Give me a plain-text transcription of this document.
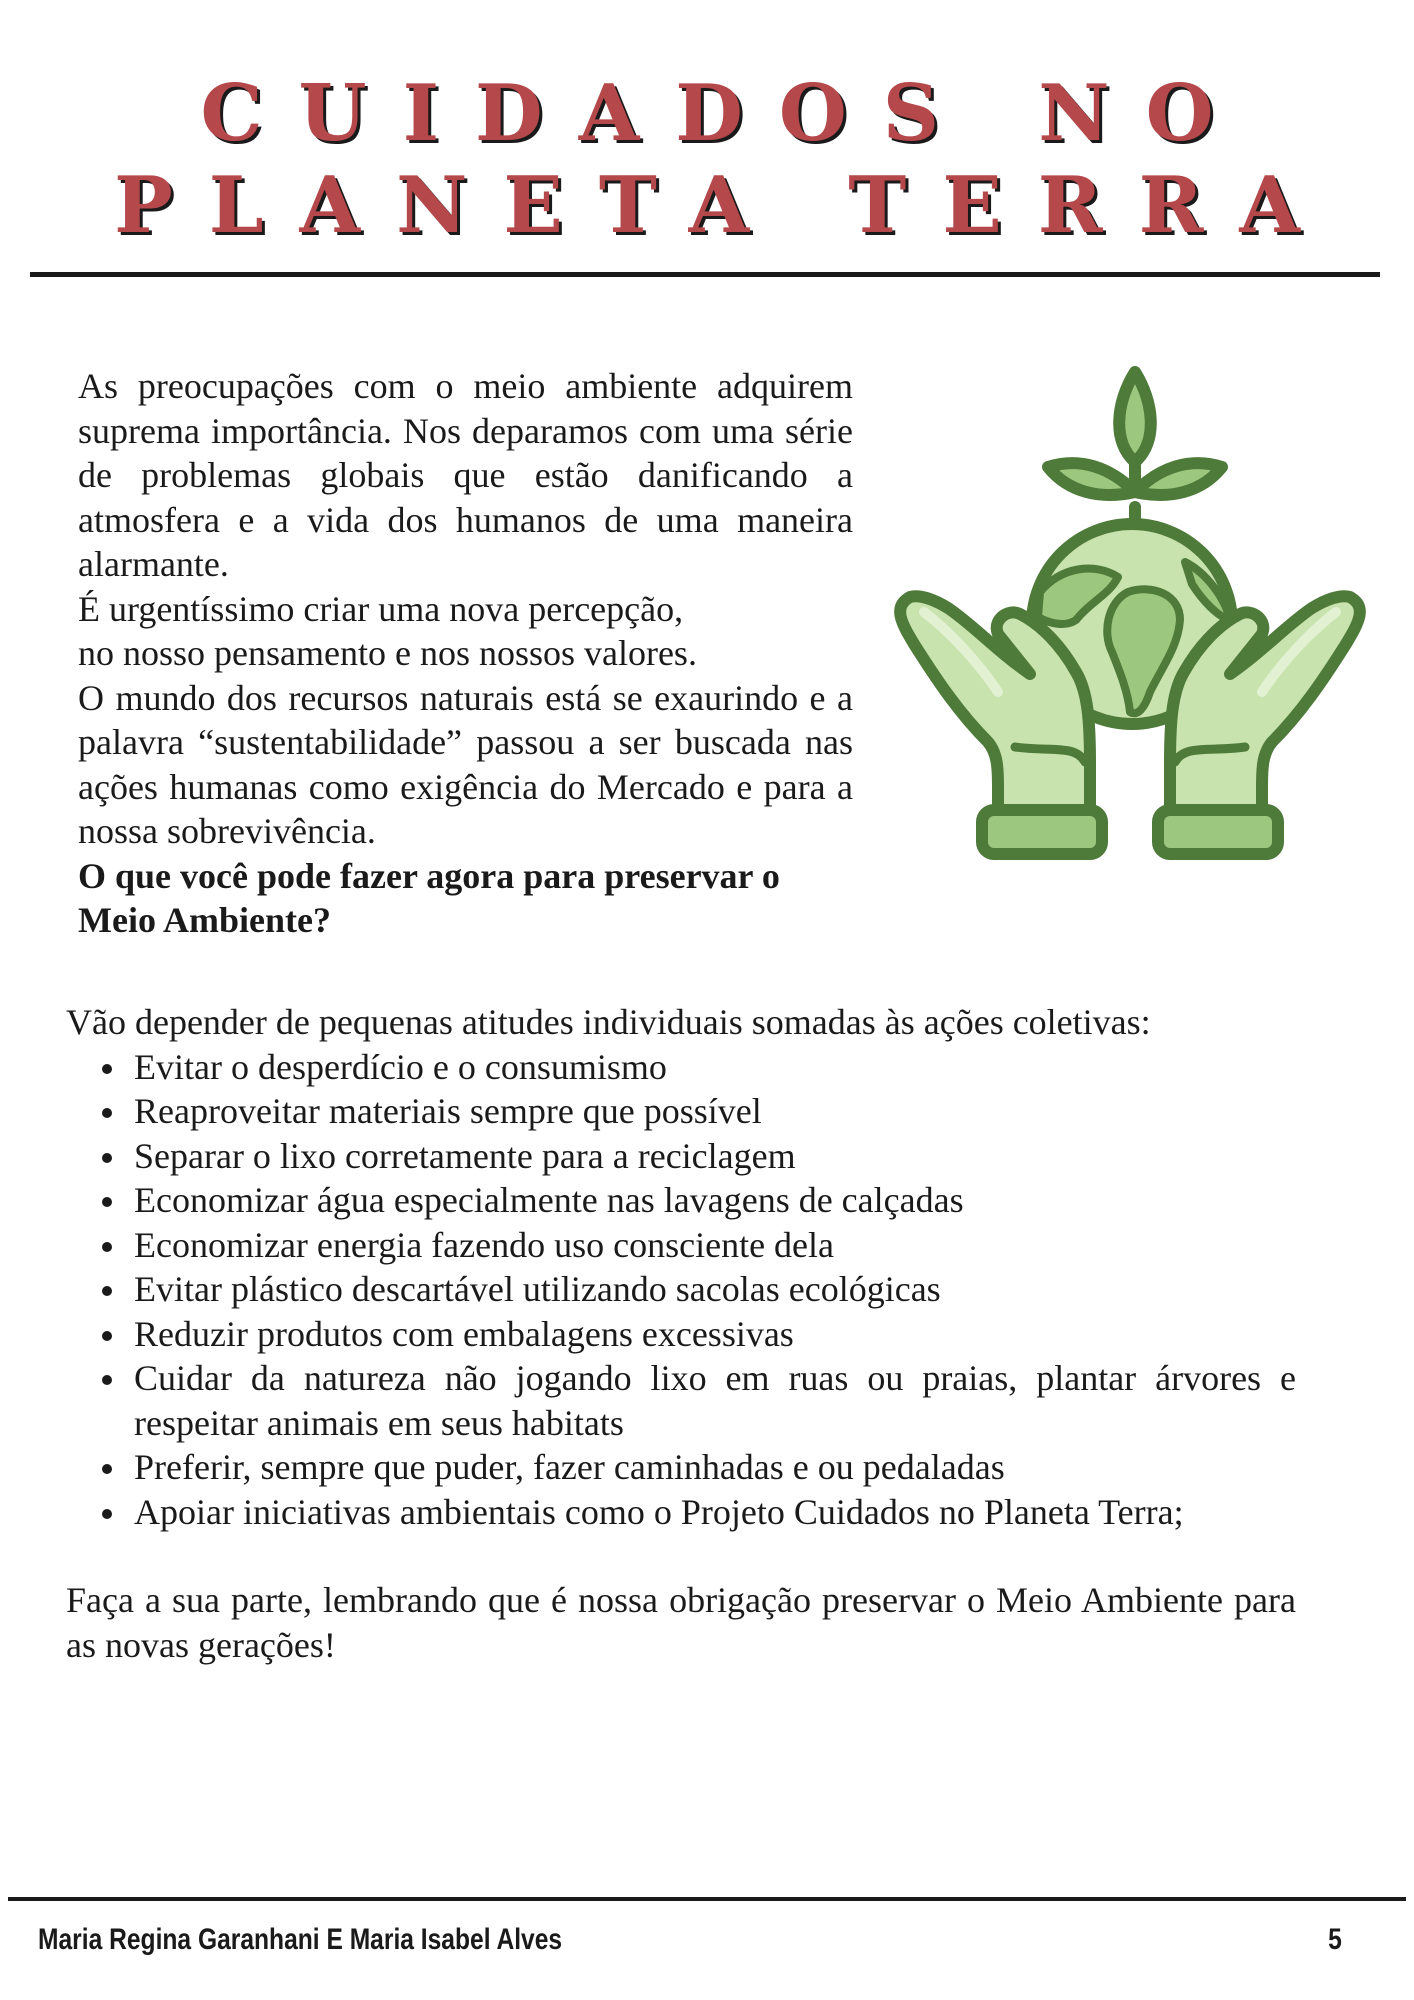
CUIDADOS NO
PLANETA TERRA

As preocupações com o meio ambiente adquirem suprema importância. Nos deparamos com uma série de problemas globais que estão danificando a atmosfera e a vida dos humanos de uma maneira alarmante.

É urgentíssimo criar uma nova percepção,

no nosso pensamento e nos nossos valores.

O mundo dos recursos naturais está se exaurindo e a palavra “sustentabilidade” passou a ser buscada nas ações humanas como exigência do Mercado e para a nossa sobrevivência.

O que você pode fazer agora para preservar o Meio Ambiente?

Vão depender de pequenas atitudes individuais somadas às ações coletivas:

Evitar o desperdício e o consumismo
Reaproveitar materiais sempre que possível
Separar o lixo corretamente para a reciclagem
Economizar água especialmente nas lavagens de calçadas
Economizar energia fazendo uso consciente dela
Evitar plástico descartável utilizando sacolas ecológicas
Reduzir produtos com embalagens excessivas
Cuidar da natureza não jogando lixo em ruas ou praias, plantar árvores e respeitar animais em seus habitats
Preferir, sempre que puder, fazer caminhadas e ou pedaladas
Apoiar iniciativas ambientais como o Projeto Cuidados no Planeta Terra;

Faça a sua parte, lembrando que é nossa obrigação preservar o Meio Ambiente para as novas gerações!

Maria Regina Garanhani E Maria Isabel Alves	5
